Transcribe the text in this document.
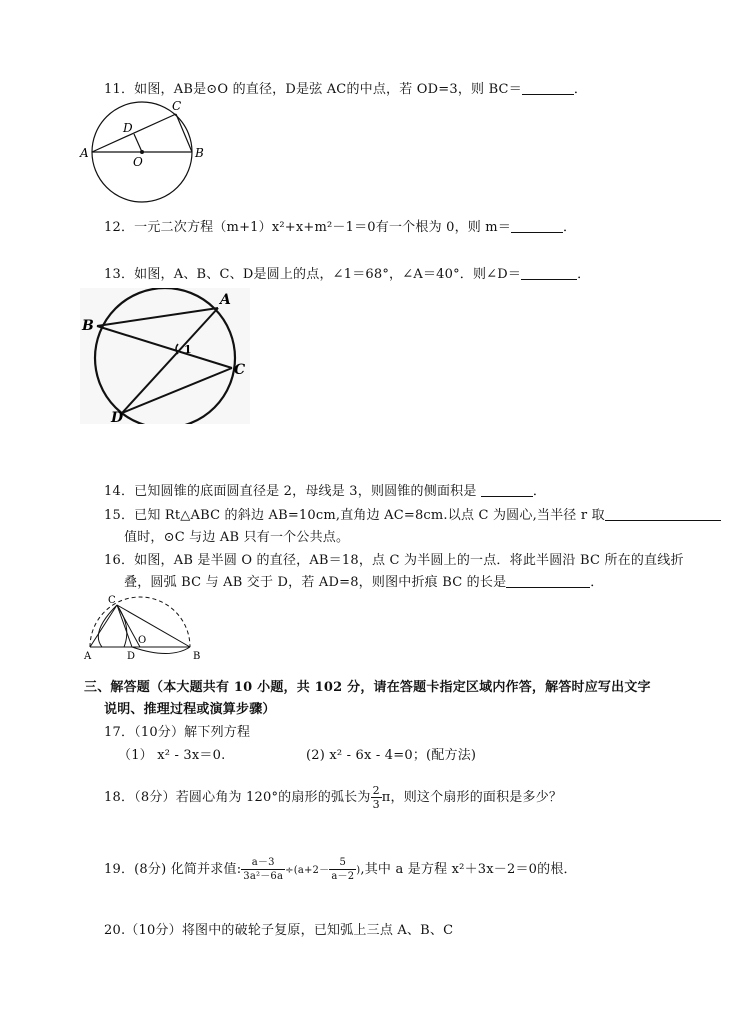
11．如图，AB是⊙O 的直径，D是弦 AC的中点，若 OD=3，则 BC＝	．
A	B
C
D
O
12．一元二次方程（m+1）x²+x+m²－1＝0有一个根为 0，则 m＝	．
13．如图，A、B、C、D是圆上的点，∠1＝68°，∠A＝40°．则∠D＝	．
B
A
C
D
1
14．已知圆锥的底面圆直径是 2，母线是 3，则圆锥的侧面积是	．
15．已知 Rt△ABC 的斜边 AB=10cm,直角边 AC=8cm.以点 C 为圆心,当半径 r 取
值时，⊙C 与边 AB 只有一个公共点。
16．如图，AB 是半圆 O 的直径，AB＝18，点 C 为半圆上的一点．将此半圆沿 BC 所在的直线折
叠，圆弧 BC 与 AB 交于 D，若 AD=8，则图中折痕 BC 的长是	．
A	B
C
D
O
三、解答题（本大题共有 10 小题，共 102 分，请在答题卡指定区域内作答，解答时应写出文字
说明、推理过程或演算步骤）
17．（10分）解下列方程
（1） x² - 3x＝0.	(2) x² - 6x - 4=0；(配方法)
18．（8分）若圆心角为 120°的扇形的弧长为 $\frac{2}{3}$ π，则这个扇形的面积是多少？
19．(8分) 化简并求值: $\frac{a-3}{\text{3a²－6a}} \div(a+2- \frac{5}{a-2}$ ),其中 a 是方程 x²＋3x－2＝0的根．
20.（10分）将图中的破轮子复原，已知弧上三点 A、B、C
